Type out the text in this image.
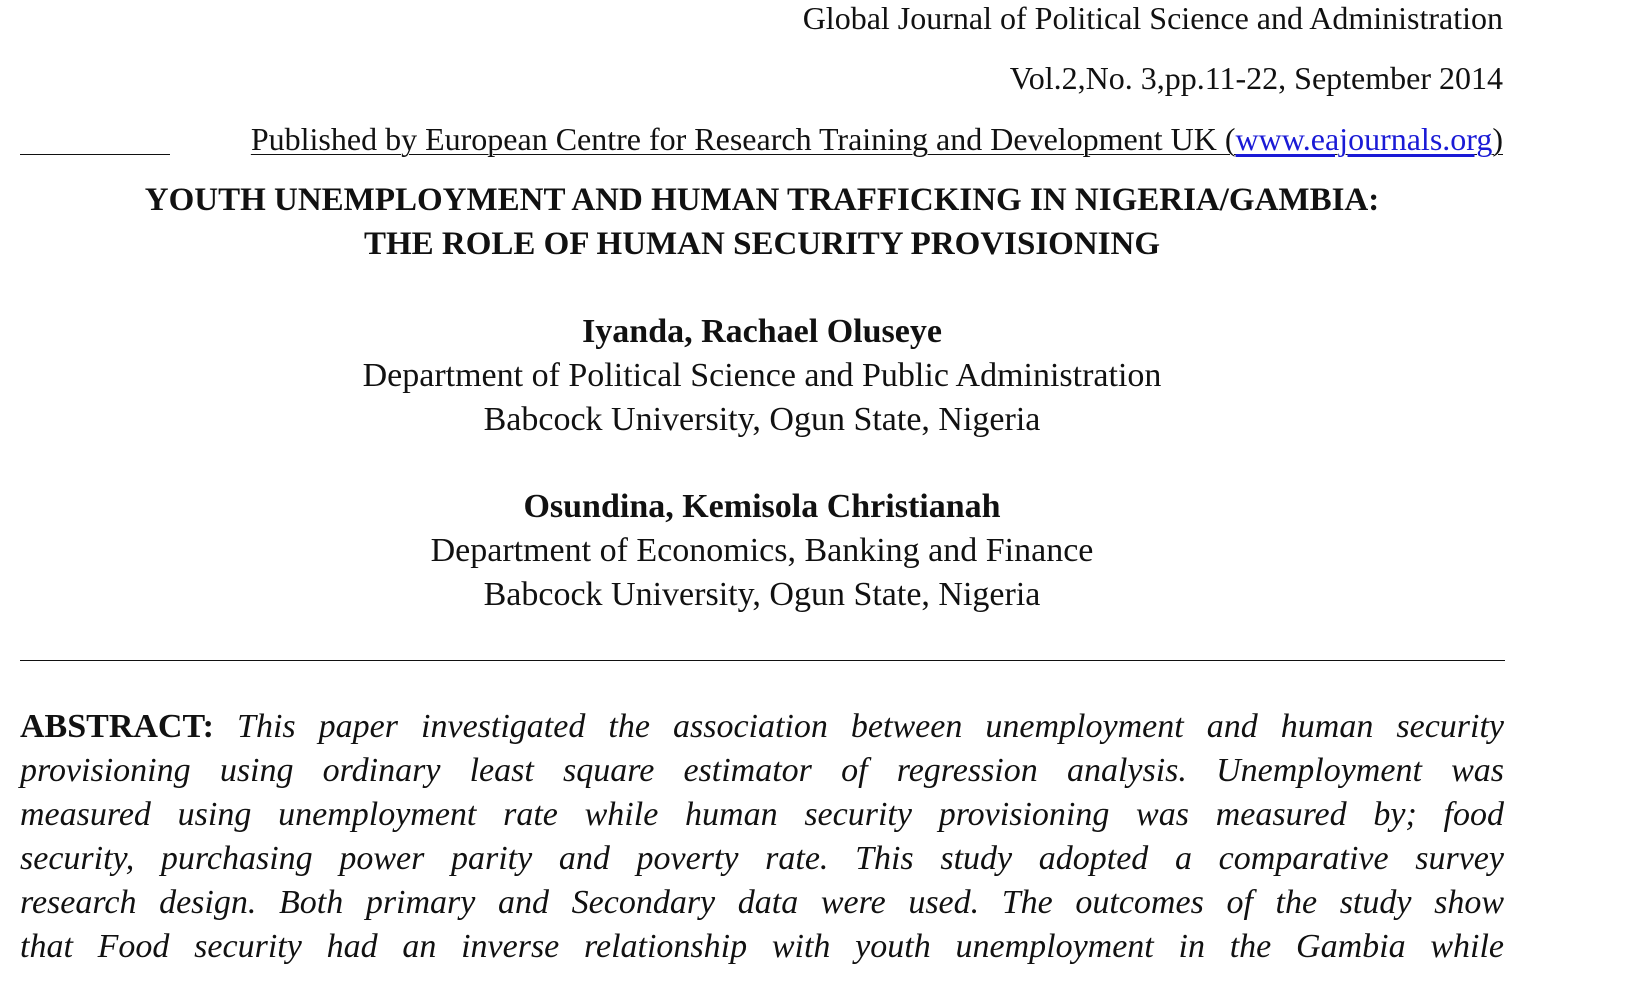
Global Journal of Political Science and Administration
Vol.2,No. 3,pp.11-22, September 2014
Published by European Centre for Research Training and Development UK (www.eajournals.org)
YOUTH UNEMPLOYMENT AND HUMAN TRAFFICKING IN NIGERIA/GAMBIA:
THE ROLE OF HUMAN SECURITY PROVISIONING
Iyanda, Rachael Oluseye
Department of Political Science and Public Administration
Babcock University, Ogun State, Nigeria
Osundina, Kemisola Christianah
Department of Economics, Banking and Finance
Babcock University, Ogun State, Nigeria
ABSTRACT: This paper investigated the association between unemployment and human security
provisioning using ordinary least square estimator of regression analysis. Unemployment was
measured using unemployment rate while human security provisioning was measured by; food
security, purchasing power parity and poverty rate. This study adopted a comparative survey
research design. Both primary and Secondary data were used. The outcomes of the study show
that Food security had an inverse relationship with youth unemployment in the Gambia while
